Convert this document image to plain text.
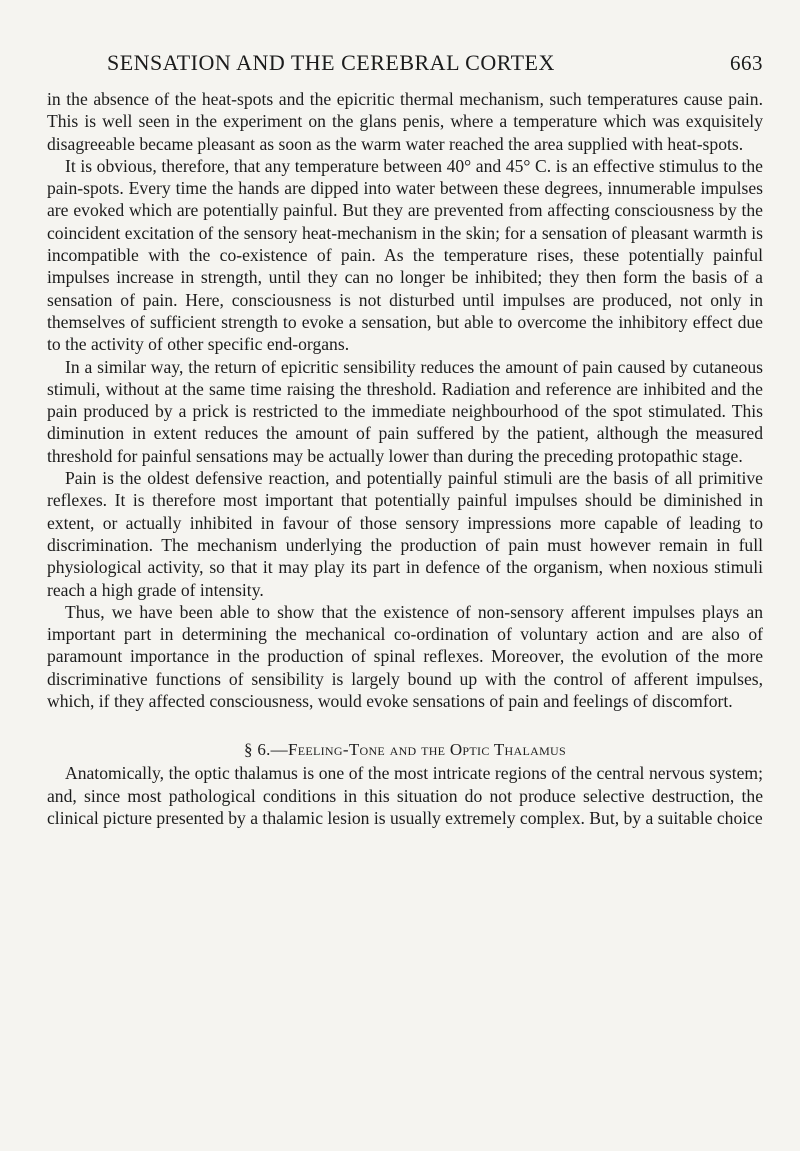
SENSATION AND THE CEREBRAL CORTEX	663

in the absence of the heat-spots and the epicritic thermal mechanism, such temperatures cause pain. This is well seen in the experiment on the glans penis, where a temperature which was exquisitely disagreeable became pleasant as soon as the warm water reached the area supplied with heat-spots.

It is obvious, therefore, that any temperature between 40° and 45° C. is an effective stimulus to the pain-spots. Every time the hands are dipped into water between these degrees, innumerable impulses are evoked which are potentially painful. But they are prevented from affecting consciousness by the coincident excitation of the sensory heat-mechanism in the skin; for a sensation of pleasant warmth is incompatible with the co-existence of pain. As the temperature rises, these potentially painful impulses increase in strength, until they can no longer be inhibited; they then form the basis of a sensation of pain. Here, consciousness is not disturbed until impulses are produced, not only in themselves of sufficient strength to evoke a sensation, but able to overcome the inhibitory effect due to the activity of other specific end-organs.

In a similar way, the return of epicritic sensibility reduces the amount of pain caused by cutaneous stimuli, without at the same time raising the threshold. Radiation and reference are inhibited and the pain produced by a prick is restricted to the immediate neighbourhood of the spot stimulated. This diminution in extent reduces the amount of pain suffered by the patient, although the measured threshold for painful sensations may be actually lower than during the preceding protopathic stage.

Pain is the oldest defensive reaction, and potentially painful stimuli are the basis of all primitive reflexes. It is therefore most important that potentially painful impulses should be diminished in extent, or actually inhibited in favour of those sensory impressions more capable of leading to discrimination. The mechanism underlying the production of pain must however remain in full physiological activity, so that it may play its part in defence of the organism, when noxious stimuli reach a high grade of intensity.

Thus, we have been able to show that the existence of non-sensory afferent impulses plays an important part in determining the mechanical co-ordination of voluntary action and are also of paramount importance in the production of spinal reflexes. Moreover, the evolution of the more discriminative functions of sensibility is largely bound up with the control of afferent impulses, which, if they affected consciousness, would evoke sensations of pain and feelings of discomfort.

§ 6.—Feeling-Tone and the Optic Thalamus

Anatomically, the optic thalamus is one of the most intricate regions of the central nervous system; and, since most pathological conditions in this situation do not produce selective destruction, the clinical picture presented by a thalamic lesion is usually extremely complex. But, by a suitable choice
